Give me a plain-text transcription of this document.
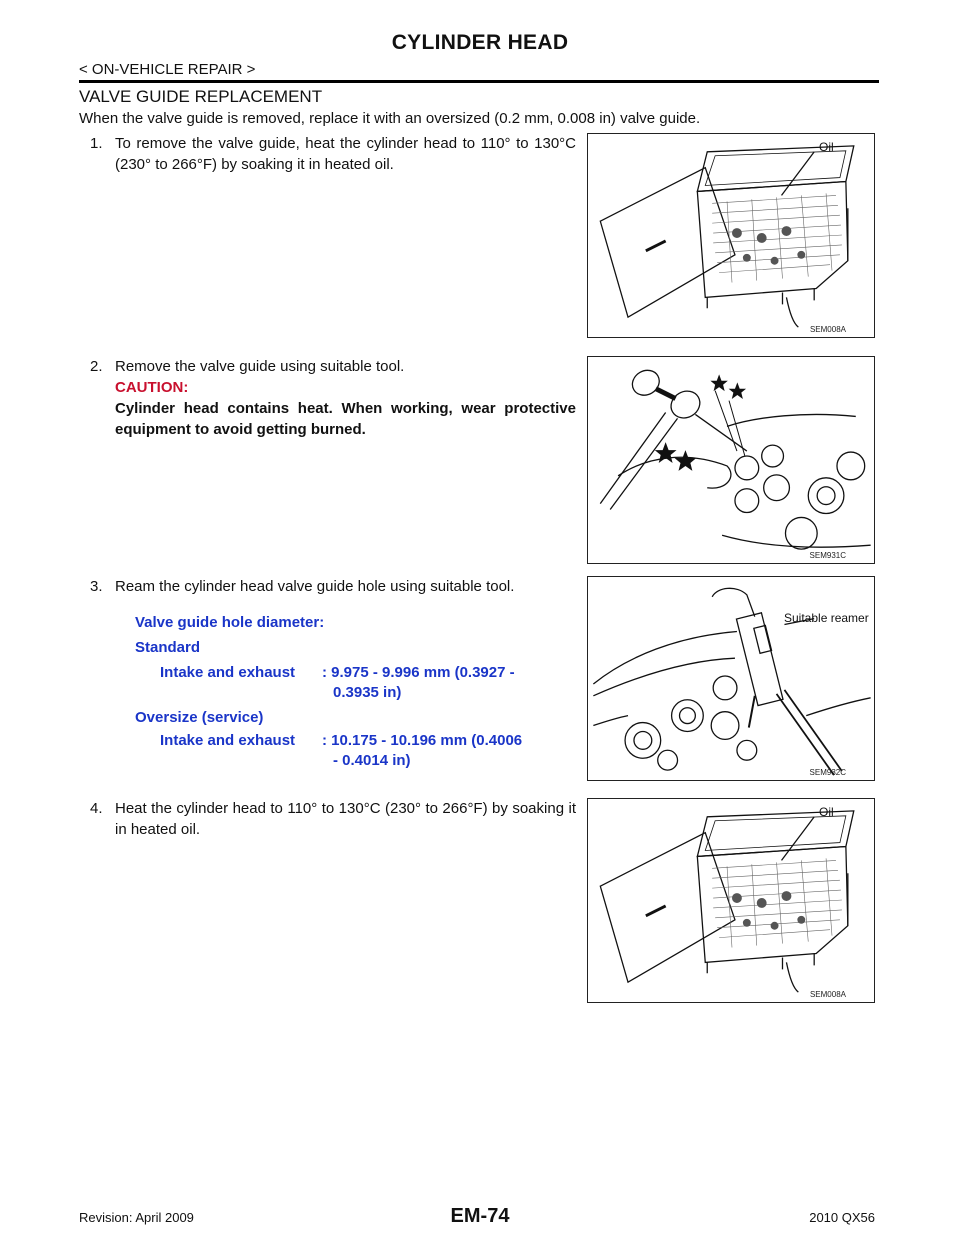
CYLINDER HEAD
< ON-VEHICLE REPAIR >
VALVE GUIDE REPLACEMENT
When the valve guide is removed, replace it with an oversized (0.2 mm, 0.008 in) valve guide.
1. To remove the valve guide, heat the cylinder head to 110° to 130°C (230° to 266°F) by soaking it in heated oil.
2. Remove the valve guide using suitable tool.
CAUTION:
Cylinder head contains heat. When working, wear protective equipment to avoid getting burned.
3. Ream the cylinder head valve guide hole using suitable tool.
Valve guide hole diameter:
Standard
Intake and exhaust : 9.975 - 9.996 mm (0.3927 -
0.3935 in)
Oversize (service)
Intake and exhaust : 10.175 - 10.196 mm (0.4006
- 0.4014 in)
4. Heat the cylinder head to 110° to 130°C (230° to 266°F) by soaking it in heated oil.
Oil
SEM008A
SEM931C
Suitable reamer
SEM932C
Oil
SEM008A
EM-74
Revision: April 2009	2010 QX56
